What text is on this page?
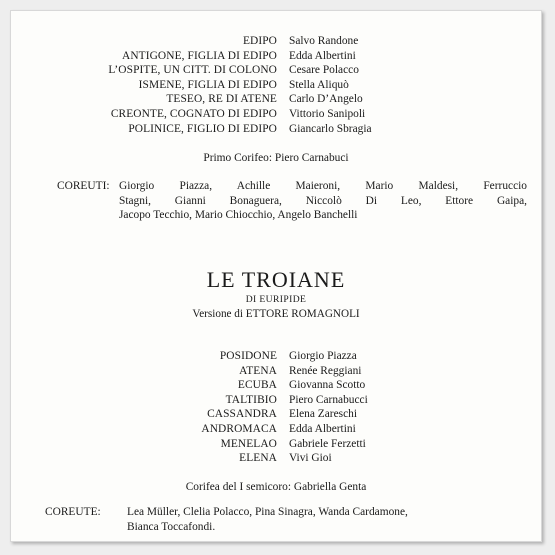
EDIPO Salvo Randone
ANTIGONE, FIGLIA DI EDIPO Edda Albertini
L’OSPITE, UN CITT. DI COLONO Cesare Polacco
ISMENE, FIGLIA DI EDIPO Stella Aliquò
TESEO, RE DI ATENE Carlo D’Angelo
CREONTE, COGNATO DI EDIPO Vittorio Sanipoli
POLINICE, FIGLIO DI EDIPO Giancarlo Sbragia
Primo Corifeo: Piero Carnabuci
COREUTI: Giorgio Piazza, Achille Maieroni, Mario Maldesi, Ferruccio
Stagni, Gianni Bonaguera, Niccolò Di Leo, Ettore Gaipa,
Jacopo Tecchio, Mario Chiocchio, Angelo Banchelli
LE TROIANE
DI EURIPIDE
Versione di ETTORE ROMAGNOLI
POSIDONE Giorgio Piazza
ATENA Renée Reggiani
ECUBA Giovanna Scotto
TALTIBIO Piero Carnabucci
CASSANDRA Elena Zareschi
ANDROMACA Edda Albertini
MENELAO Gabriele Ferzetti
ELENA Vivi Gioi
Corifea del I semicoro: Gabriella Genta
COREUTE: Lea Müller, Clelia Polacco, Pina Sinagra, Wanda Cardamone,
Bianca Toccafondi.
